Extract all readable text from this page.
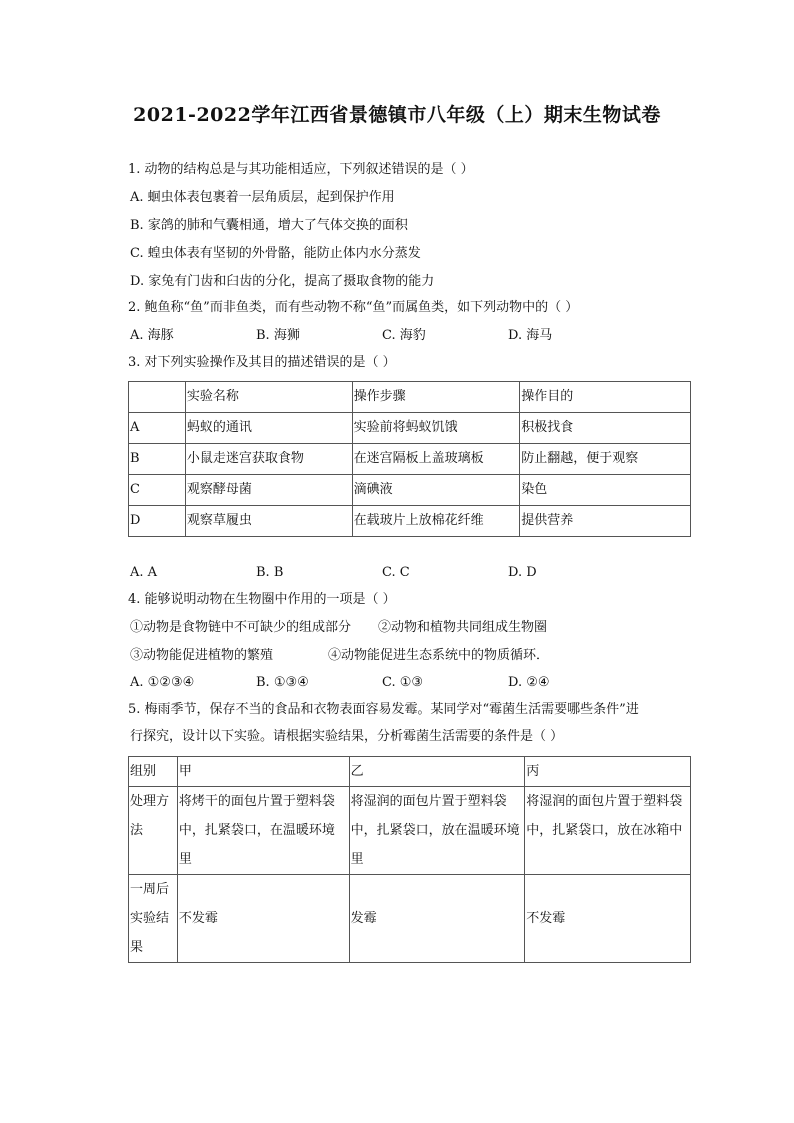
2021-2022学年江西省景德镇市八年级（上）期末生物试卷
1. 动物的结构总是与其功能相适应，下列叙述错误的是（ ）
A. 蛔虫体表包裹着一层角质层，起到保护作用
B. 家鸽的肺和气囊相通，增大了气体交换的面积
C. 蝗虫体表有坚韧的外骨骼，能防止体内水分蒸发
D. 家兔有门齿和臼齿的分化，提高了摄取食物的能力
2. 鲍鱼称“鱼”而非鱼类，而有些动物不称“鱼”而属鱼类，如下列动物中的（ ）
A. 海豚	B. 海狮	C. 海豹	D. 海马
3. 对下列实验操作及其目的描述错误的是（ ）
	实验名称	操作步骤	操作目的
A	蚂蚁的通讯	实验前将蚂蚁饥饿	积极找食
B	小鼠走迷宫获取食物	在迷宫隔板上盖玻璃板	防止翻越，便于观察
C	观察酵母菌	滴碘液	染色
D	观察草履虫	在载玻片上放棉花纤维	提供营养
A. A	B. B	C. C	D. D
4. 能够说明动物在生物圈中作用的一项是（ ）
①动物是食物链中不可缺少的组成部分 ②动物和植物共同组成生物圈
③动物能促进植物的繁殖	④动物能促进生态系统中的物质循环．
A. ①②③④	B. ①③④	C. ①③	D. ②④
5. 梅雨季节，保存不当的食品和衣物表面容易发霉。某同学对“霉菌生活需要哪些条件”进
行探究，设计以下实验。请根据实验结果，分析霉菌生活需要的条件是（ ）
组别	甲	乙	丙
处理方法	将烤干的面包片置于塑料袋中，扎紧袋口，在温暖环境里	将湿润的面包片置于塑料袋中，扎紧袋口，放在温暖环境里	将湿润的面包片置于塑料袋中，扎紧袋口，放在冰箱中
一周后实验结果	不发霉	发霉	不发霉
